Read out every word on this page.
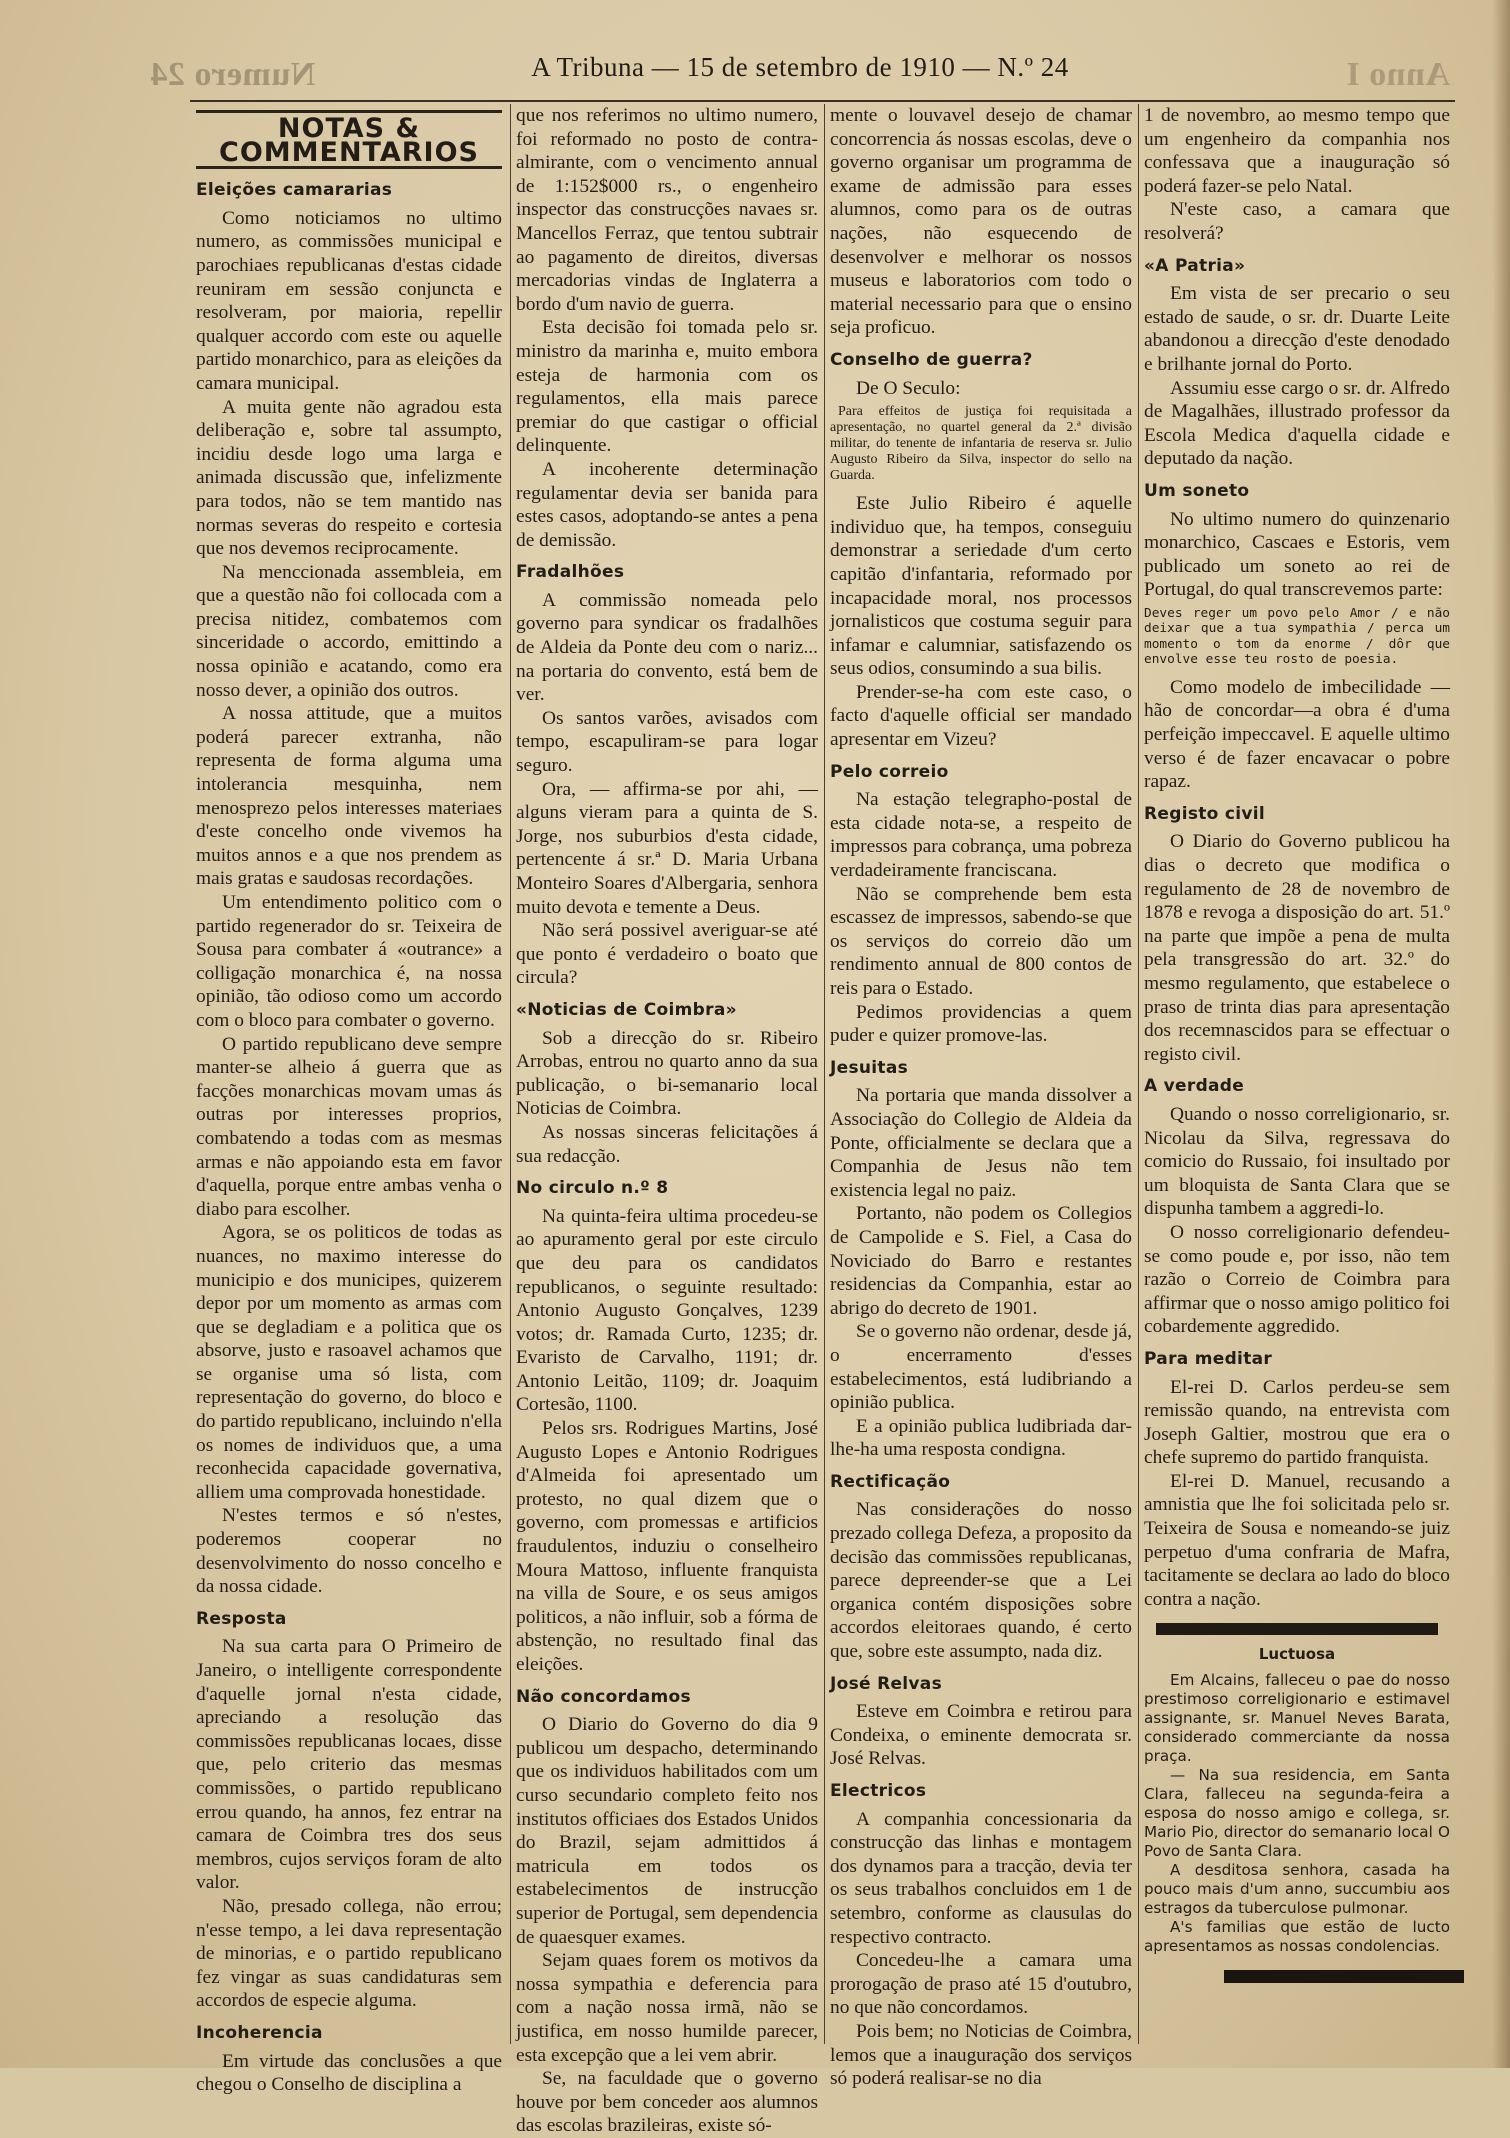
Numero 24	A Tribuna — 15 de setembro de 1910 — N.º 24	Anno I
NOTAS & COMMENTARIOS
Eleições camararias

Como noticiamos no ultimo numero, as commissões municipal e parochiaes republicanas d'estas cidade reuniram em sessão conjuncta e resolveram, por maioria, repellir qualquer accordo com este ou aquelle partido monarchico, para as eleições da camara municipal.

A muita gente não agradou esta deliberação e, sobre tal assumpto, incidiu desde logo uma larga e animada discussão que, infelizmente para todos, não se tem mantido nas normas severas do respeito e cortesia que nos devemos reciprocamente.

Na menccionada assembleia, em que a questão não foi collocada com a precisa nitidez, combatemos com sinceridade o accordo, emittindo a nossa opinião e acatando, como era nosso dever, a opinião dos outros.

A nossa attitude, que a muitos poderá parecer extranha, não representa de forma alguma uma intolerancia mesquinha, nem menosprezo pelos interesses materiaes d'este concelho onde vivemos ha muitos annos e a que nos prendem as mais gratas e saudosas recordações.

Um entendimento politico com o partido regenerador do sr. Teixeira de Sousa para combater á «outrance» a colligação monarchica é, na nossa opinião, tão odioso como um accordo com o bloco para combater o governo.

O partido republicano deve sempre manter-se alheio á guerra que as facções monarchicas movam umas ás outras por interesses proprios, combatendo a todas com as mesmas armas e não appoiando esta em favor d'aquella, porque entre ambas venha o diabo para escolher.

Agora, se os politicos de todas as nuances, no maximo interesse do municipio e dos municipes, quizerem depor por um momento as armas com que se degladiam e a politica que os absorve, justo e rasoavel achamos que se organise uma só lista, com representação do governo, do bloco e do partido republicano, incluindo n'ella os nomes de individuos que, a uma reconhecida capacidade governativa, alliem uma comprovada honestidade.

N'estes termos e só n'estes, poderemos cooperar no desenvolvimento do nosso concelho e da nossa cidade.

Resposta

Na sua carta para O Primeiro de Janeiro, o intelligente correspondente d'aquelle jornal n'esta cidade, apreciando a resolução das commissões republicanas locaes, disse que, pelo criterio das mesmas commissões, o partido republicano errou quando, ha annos, fez entrar na camara de Coimbra tres dos seus membros, cujos serviços foram de alto valor.

Não, presado collega, não errou; n'esse tempo, a lei dava representação de minorias, e o partido republicano fez vingar as suas candidaturas sem accordos de especie alguma.

Incoherencia

Em virtude das conclusões a que chegou o Conselho de disciplina a

que nos referimos no ultimo numero, foi reformado no posto de contra-almirante, com o vencimento annual de 1:152$000 rs., o engenheiro inspector das construcções navaes sr. Mancellos Ferraz, que tentou subtrair ao pagamento de direitos, diversas mercadorias vindas de Inglaterra a bordo d'um navio de guerra.

Esta decisão foi tomada pelo sr. ministro da marinha e, muito embora esteja de harmonia com os regulamentos, ella mais parece premiar do que castigar o official delinquente.

A incoherente determinação regulamentar devia ser banida para estes casos, adoptando-se antes a pena de demissão.

Fradalhões

A commissão nomeada pelo governo para syndicar os fradalhões de Aldeia da Ponte deu com o nariz... na portaria do convento, está bem de ver.

Os santos varões, avisados com tempo, escapuliram-se para logar seguro.

Ora, — affirma-se por ahi, — alguns vieram para a quinta de S. Jorge, nos suburbios d'esta cidade, pertencente á sr.ª D. Maria Urbana Monteiro Soares d'Albergaria, senhora muito devota e temente a Deus.

Não será possivel averiguar-se até que ponto é verdadeiro o boato que circula?

«Noticias de Coimbra»

Sob a direcção do sr. Ribeiro Arrobas, entrou no quarto anno da sua publicação, o bi-semanario local Noticias de Coimbra.

As nossas sinceras felicitações á sua redacção.

No circulo n.º 8

Na quinta-feira ultima procedeu-se ao apuramento geral por este circulo que deu para os candidatos republicanos, o seguinte resultado: Antonio Augusto Gonçalves, 1239 votos; dr. Ramada Curto, 1235; dr. Evaristo de Carvalho, 1191; dr. Antonio Leitão, 1109; dr. Joaquim Cortesão, 1100.

Pelos srs. Rodrigues Martins, José Augusto Lopes e Antonio Rodrigues d'Almeida foi apresentado um protesto, no qual dizem que o governo, com promessas e artificios fraudulentos, induziu o conselheiro Moura Mattoso, influente franquista na villa de Soure, e os seus amigos politicos, a não influir, sob a fórma de abstenção, no resultado final das eleições.

Não concordamos

O Diario do Governo do dia 9 publicou um despacho, determinando que os individuos habilitados com um curso secundario completo feito nos institutos officiaes dos Estados Unidos do Brazil, sejam admittidos á matricula em todos os estabelecimentos de instrucção superior de Portugal, sem dependencia de quaesquer exames.

Sejam quaes forem os motivos da nossa sympathia e deferencia para com a nação nossa irmã, não se justifica, em nosso humilde parecer, esta excepção que a lei vem abrir.

Se, na faculdade que o governo houve por bem conceder aos alumnos das escolas brazileiras, existe só-

mente o louvavel desejo de chamar concorrencia ás nossas escolas, deve o governo organisar um programma de exame de admissão para esses alumnos, como para os de outras nações, não esquecendo de desenvolver e melhorar os nossos museus e laboratorios com todo o material necessario para que o ensino seja proficuo.

Conselho de guerra?

De O Seculo:

Para effeitos de justiça foi requisitada a apresentação, no quartel general da 2.ª divisão militar, do tenente de infantaria de reserva sr. Julio Augusto Ribeiro da Silva, inspector do sello na Guarda.

Este Julio Ribeiro é aquelle individuo que, ha tempos, conseguiu demonstrar a seriedade d'um certo capitão d'infantaria, reformado por incapacidade moral, nos processos jornalisticos que costuma seguir para infamar e calumniar, satisfazendo os seus odios, consumindo a sua bilis.

Prender-se-ha com este caso, o facto d'aquelle official ser mandado apresentar em Vizeu?

Pelo correio

Na estação telegrapho-postal de esta cidade nota-se, a respeito de impressos para cobrança, uma pobreza verdadeiramente franciscana.

Não se comprehende bem esta escassez de impressos, sabendo-se que os serviços do correio dão um rendimento annual de 800 contos de reis para o Estado.

Pedimos providencias a quem puder e quizer promove-las.

Jesuitas

Na portaria que manda dissolver a Associação do Collegio de Aldeia da Ponte, officialmente se declara que a Companhia de Jesus não tem existencia legal no paiz.

Portanto, não podem os Collegios de Campolide e S. Fiel, a Casa do Noviciado do Barro e restantes residencias da Companhia, estar ao abrigo do decreto de 1901.

Se o governo não ordenar, desde já, o encerramento d'esses estabelecimentos, está ludibriando a opinião publica.

E a opinião publica ludibriada dar-lhe-ha uma resposta condigna.

Rectificação

Nas considerações do nosso prezado collega Defeza, a proposito da decisão das commissões republicanas, parece depreender-se que a Lei organica contém disposições sobre accordos eleitoraes quando, é certo que, sobre este assumpto, nada diz.

José Relvas

Esteve em Coimbra e retirou para Condeixa, o eminente democrata sr. José Relvas.

Electricos

A companhia concessionaria da construcção das linhas e montagem dos dynamos para a tracção, devia ter os seus trabalhos concluidos em 1 de setembro, conforme as clausulas do respectivo contracto.

Concedeu-lhe a camara uma prorogação de praso até 15 d'outubro, no que não concordamos.

Pois bem; no Noticias de Coimbra, lemos que a inauguração dos serviços só poderá realisar-se no dia

1 de novembro, ao mesmo tempo que um engenheiro da companhia nos confessava que a inauguração só poderá fazer-se pelo Natal.

N'este caso, a camara que resolverá?

«A Patria»

Em vista de ser precario o seu estado de saude, o sr. dr. Duarte Leite abandonou a direcção d'este denodado e brilhante jornal do Porto.

Assumiu esse cargo o sr. dr. Alfredo de Magalhães, illustrado professor da Escola Medica d'aquella cidade e deputado da nação.

Um soneto

No ultimo numero do quinzenario monarchico, Cascaes e Estoris, vem publicado um soneto ao rei de Portugal, do qual transcrevemos parte:

Deves reger um povo pelo Amor / e não deixar que a tua sympathia / perca um momento o tom da enorme / dôr que envolve esse teu rosto de poesia.

Como modelo de imbecilidade —hão de concordar—a obra é d'uma perfeição impeccavel. E aquelle ultimo verso é de fazer encavacar o pobre rapaz.

Registo civil

O Diario do Governo publicou ha dias o decreto que modifica o regulamento de 28 de novembro de 1878 e revoga a disposição do art. 51.º na parte que impõe a pena de multa pela transgressão do art. 32.º do mesmo regulamento, que estabelece o praso de trinta dias para apresentação dos recemnascidos para se effectuar o registo civil.

A verdade

Quando o nosso correligionario, sr. Nicolau da Silva, regressava do comicio do Russaio, foi insultado por um bloquista de Santa Clara que se dispunha tambem a aggredi-lo.

O nosso correligionario defendeu-se como poude e, por isso, não tem razão o Correio de Coimbra para affirmar que o nosso amigo politico foi cobardemente aggredido.

Para meditar

El-rei D. Carlos perdeu-se sem remissão quando, na entrevista com Joseph Galtier, mostrou que era o chefe supremo do partido franquista.

El-rei D. Manuel, recusando a amnistia que lhe foi solicitada pelo sr. Teixeira de Sousa e nomeando-se juiz perpetuo d'uma confraria de Mafra, tacitamente se declara ao lado do bloco contra a nação.

Luctuosa

Em Alcains, falleceu o pae do nosso prestimoso correligionario e estimavel assignante, sr. Manuel Neves Barata, considerado commerciante da nossa praça.

— Na sua residencia, em Santa Clara, falleceu na segunda-feira a esposa do nosso amigo e collega, sr. Mario Pio, director do semanario local O Povo de Santa Clara.

A desditosa senhora, casada ha pouco mais d'um anno, succumbiu aos estragos da tuberculose pulmonar.

A's familias que estão de lucto apresentamos as nossas condolencias.
